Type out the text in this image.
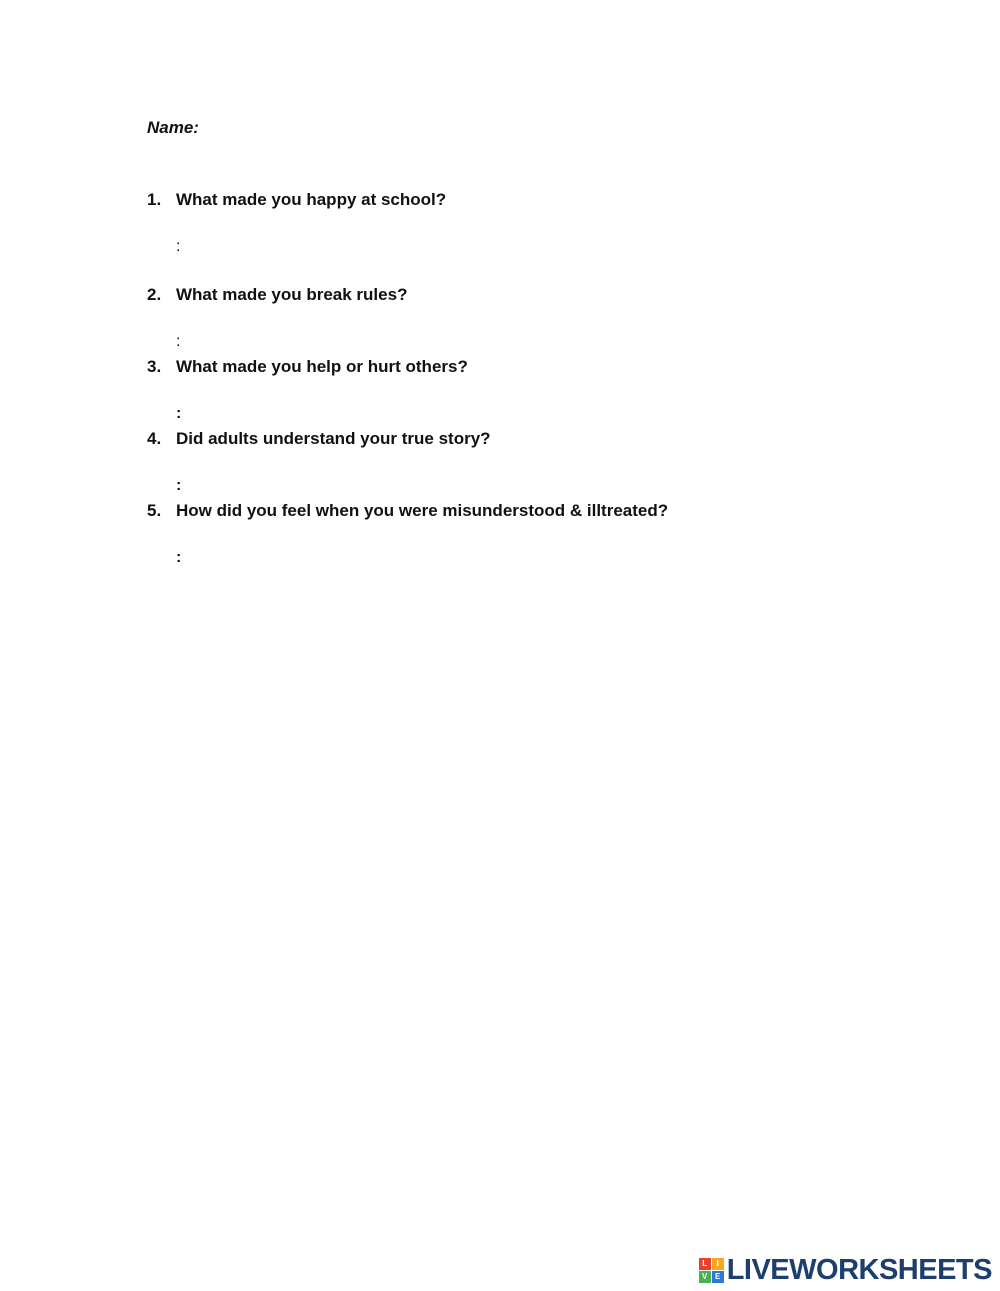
Name:
1. What made you happy at school?
:
2. What made you break rules?
:
3. What made you help or hurt others?
:
4. Did adults understand your true story?
:
5. How did you feel when you were misunderstood & illtreated?
:
L	I
V E LIVEWORKSHEETS
